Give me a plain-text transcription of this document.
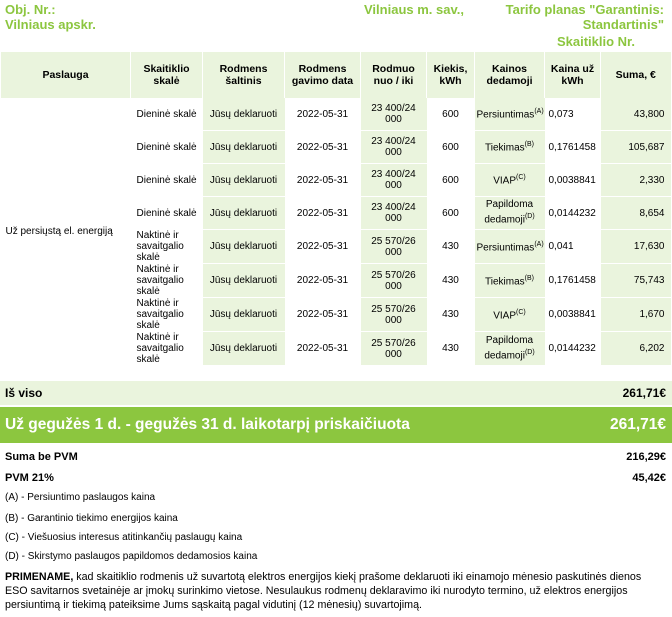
Obj. Nr.:
Vilniaus apskr.
Vilniaus m. sav.,	Tarifo planas "Garantinis:
Standartinis"
Skaitiklio Nr.
Paslauga	Skaitiklio skalė	Rodmens šaltinis	Rodmens gavimo data	Rodmuo nuo / iki	Kiekis, kWh	Kainos dedamoji	Kaina už kWh	Suma, €
Už persiųstą el. energiją	Dieninė skalė	Jūsų deklaruoti	2022-05-31	23 400/24 000	600	Persiuntimas$^{(A)}$	0,073	43,800
	Dieninė skalė	Jūsų deklaruoti	2022-05-31	23 400/24 000	600	Tiekimas$^{(B)}$	0,1761458	105,687
	Dieninė skalė	Jūsų deklaruoti	2022-05-31	23 400/24 000	600	$VIAP^{(C)}$	0,0038841	2,330
	Dieninė skalė	Jūsų deklaruoti	2022-05-31	23 400/24 000	600	Papildoma dedamoji$^{(D)}$	0,0144232	8,654
	Naktinė ir savaitgalio skalė	Jūsų deklaruoti	2022-05-31	25 570/26 000	430	Persiuntimas$^{(A)}$	0,041	17,630
	Naktinė ir savaitgalio skalė	Jūsų deklaruoti	2022-05-31	25 570/26 000	430	Tiekimas$^{(B)}$	0,1761458	75,743
	Naktinė ir savaitgalio skalė	Jūsų deklaruoti	2022-05-31	25 570/26 000	430	$VIAP^{(C)}$	0,0038841	1,670
	Naktinė ir savaitgalio skalė	Jūsų deklaruoti	2022-05-31	25 570/26 000	430	Papildoma dedamoji$^{(D)}$	0,0144232	6,202
Iš viso	261,71€
Už gegužės 1 d. - gegužės 31 d. laikotarpį priskaičiuota	261,71€
Suma be PVM	216,29€
PVM 21%	45,42€
(A) - Persiuntimo paslaugos kaina
(B) - Garantinio tiekimo energijos kaina
(C) - Viešuosius interesus atitinkančių paslaugų kaina
(D) - Skirstymo paslaugos papildomos dedamosios kaina
PRIMENAME, kad skaitiklio rodmenis už suvartotą elektros energijos kiekį prašome deklaruoti iki einamojo mėnesio paskutinės dienos ESO savitarnos svetainėje ar įmokų surinkimo vietose. Nesulaukus rodmenų deklaravimo iki nurodyto termino, už elektros energijos persiuntimą ir tiekimą pateiksime Jums sąskaitą pagal vidutinį (12 mėnesių) suvartojimą.
